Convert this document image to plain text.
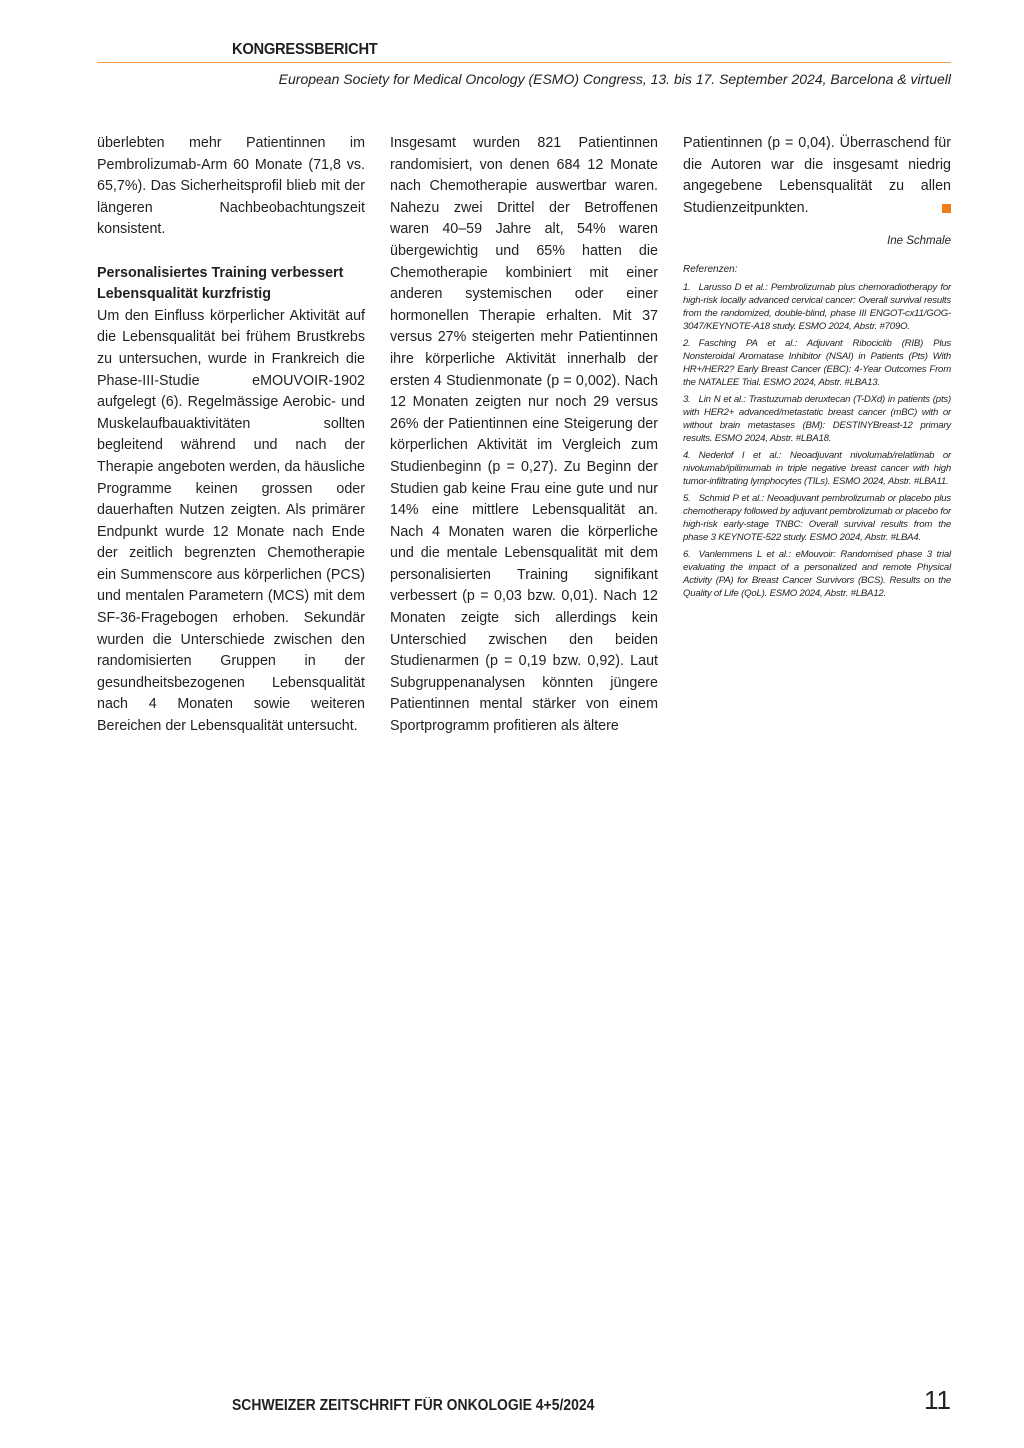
KONGRESSBERICHT
European Society for Medical Oncology (ESMO) Congress, 13. bis 17. September 2024, Barcelona & virtuell

überlebten mehr Patientinnen im Pembrolizumab-Arm 60 Monate (71,8 vs. 65,7%). Das Sicherheitsprofil blieb mit der längeren Nachbeobachtungszeit konsistent.

Personalisiertes Training verbessert Lebensqualität kurzfristig

Um den Einfluss körperlicher Aktivität auf die Lebensqualität bei frühem Brustkrebs zu untersuchen, wurde in Frankreich die Phase-III-Studie eMOUVOIR-1902 aufgelegt (6). Regelmässige Aerobic- und Muskelaufbauaktivitäten sollten begleitend während und nach der Therapie angeboten werden, da häusliche Programme keinen grossen oder dauerhaften Nutzen zeigten. Als primärer Endpunkt wurde 12 Monate nach Ende der zeitlich begrenzten Chemotherapie ein Summenscore aus körperlichen (PCS) und mentalen Parametern (MCS) mit dem SF-36-Fragebogen erhoben. Sekundär wurden die Unterschiede zwischen den randomisierten Gruppen in der gesundheitsbezogenen Lebensqualität nach 4 Monaten sowie weiteren Bereichen der Lebensqualität untersucht.

Insgesamt wurden 821 Patientinnen randomisiert, von denen 684 12 Monate nach Chemotherapie auswertbar waren. Nahezu zwei Drittel der Betroffenen waren 40–59 Jahre alt, 54% waren übergewichtig und 65% hatten die Chemotherapie kombiniert mit einer anderen systemischen oder einer hormonellen Therapie erhalten. Mit 37 versus 27% steigerten mehr Patientinnen ihre körperliche Aktivität innerhalb der ersten 4 Studienmonate (p = 0,002). Nach 12 Monaten zeigten nur noch 29 versus 26% der Patientinnen eine Steigerung der körperlichen Aktivität im Vergleich zum Studienbeginn (p = 0,27). Zu Beginn der Studien gab keine Frau eine gute und nur 14% eine mittlere Lebensqualität an. Nach 4 Monaten waren die körperliche und die mentale Lebensqualität mit dem personalisierten Training signifikant verbessert (p = 0,03 bzw. 0,01). Nach 12 Monaten zeigte sich allerdings kein Unterschied zwischen den beiden Studienarmen (p = 0,19 bzw. 0,92). Laut Subgruppenanalysen könnten jüngere Patientinnen mental stärker von einem Sportprogramm profitieren als ältere

Patientinnen (p = 0,04). Überraschend für die Autoren war die insgesamt niedrig angegebene Lebensqualität zu allen Studienzeitpunkten.

Ine Schmale
Referenzen:
1. Larusso D et al.: Pembrolizumab plus chemoradiotherapy for high-risk locally advanced cervical cancer: Overall survival results from the randomized, double-blind, phase III ENGOT-cx11/GOG-3047/KEYNOTE-A18 study. ESMO 2024, Abstr. #709O.
2. Fasching PA et al.: Adjuvant Ribociclib (RIB) Plus Nonsteroidal Aromatase Inhibitor (NSAI) in Patients (Pts) With HR+/HER2? Early Breast Cancer (EBC): 4-Year Outcomes From the NATALEE Trial. ESMO 2024, Abstr. #LBA13.
3. Lin N et al.: Trastuzumab deruxtecan (T-DXd) in patients (pts) with HER2+ advanced/metastatic breast cancer (mBC) with or without brain metastases (BM): DESTINYBreast-12 primary results. ESMO 2024, Abstr. #LBA18.
4. Nederlof I et al.: Neoadjuvant nivolumab/relatlimab or nivolumab/ipilimumab in triple negative breast cancer with high tumor-infiltrating lymphocytes (TILs). ESMO 2024, Abstr. #LBA11.
5. Schmid P et al.: Neoadjuvant pembrolizumab or placebo plus chemotherapy followed by adjuvant pembrolizumab or placebo for high-risk early-stage TNBC: Overall survival results from the phase 3 KEYNOTE-522 study. ESMO 2024, Abstr. #LBA4.
6. Vanlemmens L et al.: eMouvoir: Randomised phase 3 trial evaluating the impact of a personalized and remote Physical Activity (PA) for Breast Cancer Survivors (BCS). Results on the Quality of Life (QoL). ESMO 2024, Abstr. #LBA12.
SCHWEIZER ZEITSCHRIFT FÜR ONKOLOGIE 4+5/2024	11
